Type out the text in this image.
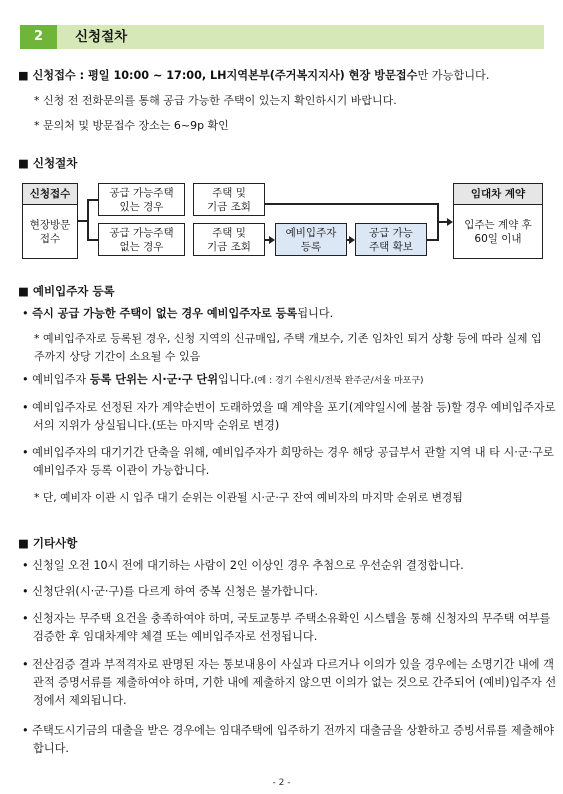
2	신청절차
■ 신청접수 : 평일 10:00 ~ 17:00, LH지역본부(주거복지지사) 현장 방문접수만 가능합니다.
* 신청 전 전화문의를 통해 공급 가능한 주택이 있는지 확인하시기 바랍니다.
* 문의처 및 방문접수 장소는 6~9p 확인
■ 신청절차
신청접수
현장방문
접수
공급 가능주택
있는 경우
주택 및
기금 조회
공급 가능주택
없는 경우
주택 및
기금 조회
예비입주자
등록
공급 가능
주택 확보
임대차 계약
입주는 계약 후
60일 이내
■ 예비입주자 등록
• 즉시 공급 가능한 주택이 없는 경우 예비입주자로 등록됩니다.
* 예비입주자로 등록된 경우, 신청 지역의 신규매입, 주택 개보수, 기존 임차인 퇴거 상황 등에 따라 실제 입주까지 상당 기간이 소요될 수 있음
• 예비입주자 등록 단위는 시·군·구 단위입니다.(예 : 경기 수원시/전북 완주군/서울 마포구)
• 예비입주자로 선정된 자가 계약순번이 도래하였을 때 계약을 포기(계약일시에 불참 등)할 경우 예비입주자로서의 지위가 상실됩니다.(또는 마지막 순위로 변경)
• 예비입주자의 대기기간 단축을 위해, 예비입주자가 희망하는 경우 해당 공급부서 관할 지역 내 타 시·군·구로 예비입주자 등록 이관이 가능합니다.
* 단, 예비자 이관 시 입주 대기 순위는 이관될 시·군·구 잔여 예비자의 마지막 순위로 변경됨
■ 기타사항
• 신청일 오전 10시 전에 대기하는 사람이 2인 이상인 경우 추첨으로 우선순위 결정합니다.
• 신청단위(시·군·구)를 다르게 하여 중복 신청은 불가합니다.
• 신청자는 무주택 요건을 충족하여야 하며, 국토교통부 주택소유확인 시스템을 통해 신청자의 무주택 여부를 검증한 후 임대차계약 체결 또는 예비입주자로 선정됩니다.
• 전산검증 결과 부적격자로 판명된 자는 통보내용이 사실과 다르거나 이의가 있을 경우에는 소명기간 내에 객관적 증명서류를 제출하여야 하며, 기한 내에 제출하지 않으면 이의가 없는 것으로 간주되어 (예비)입주자 선정에서 제외됩니다.
• 주택도시기금의 대출을 받은 경우에는 임대주택에 입주하기 전까지 대출금을 상환하고 증빙서류를 제출해야 합니다.
- 2 -
